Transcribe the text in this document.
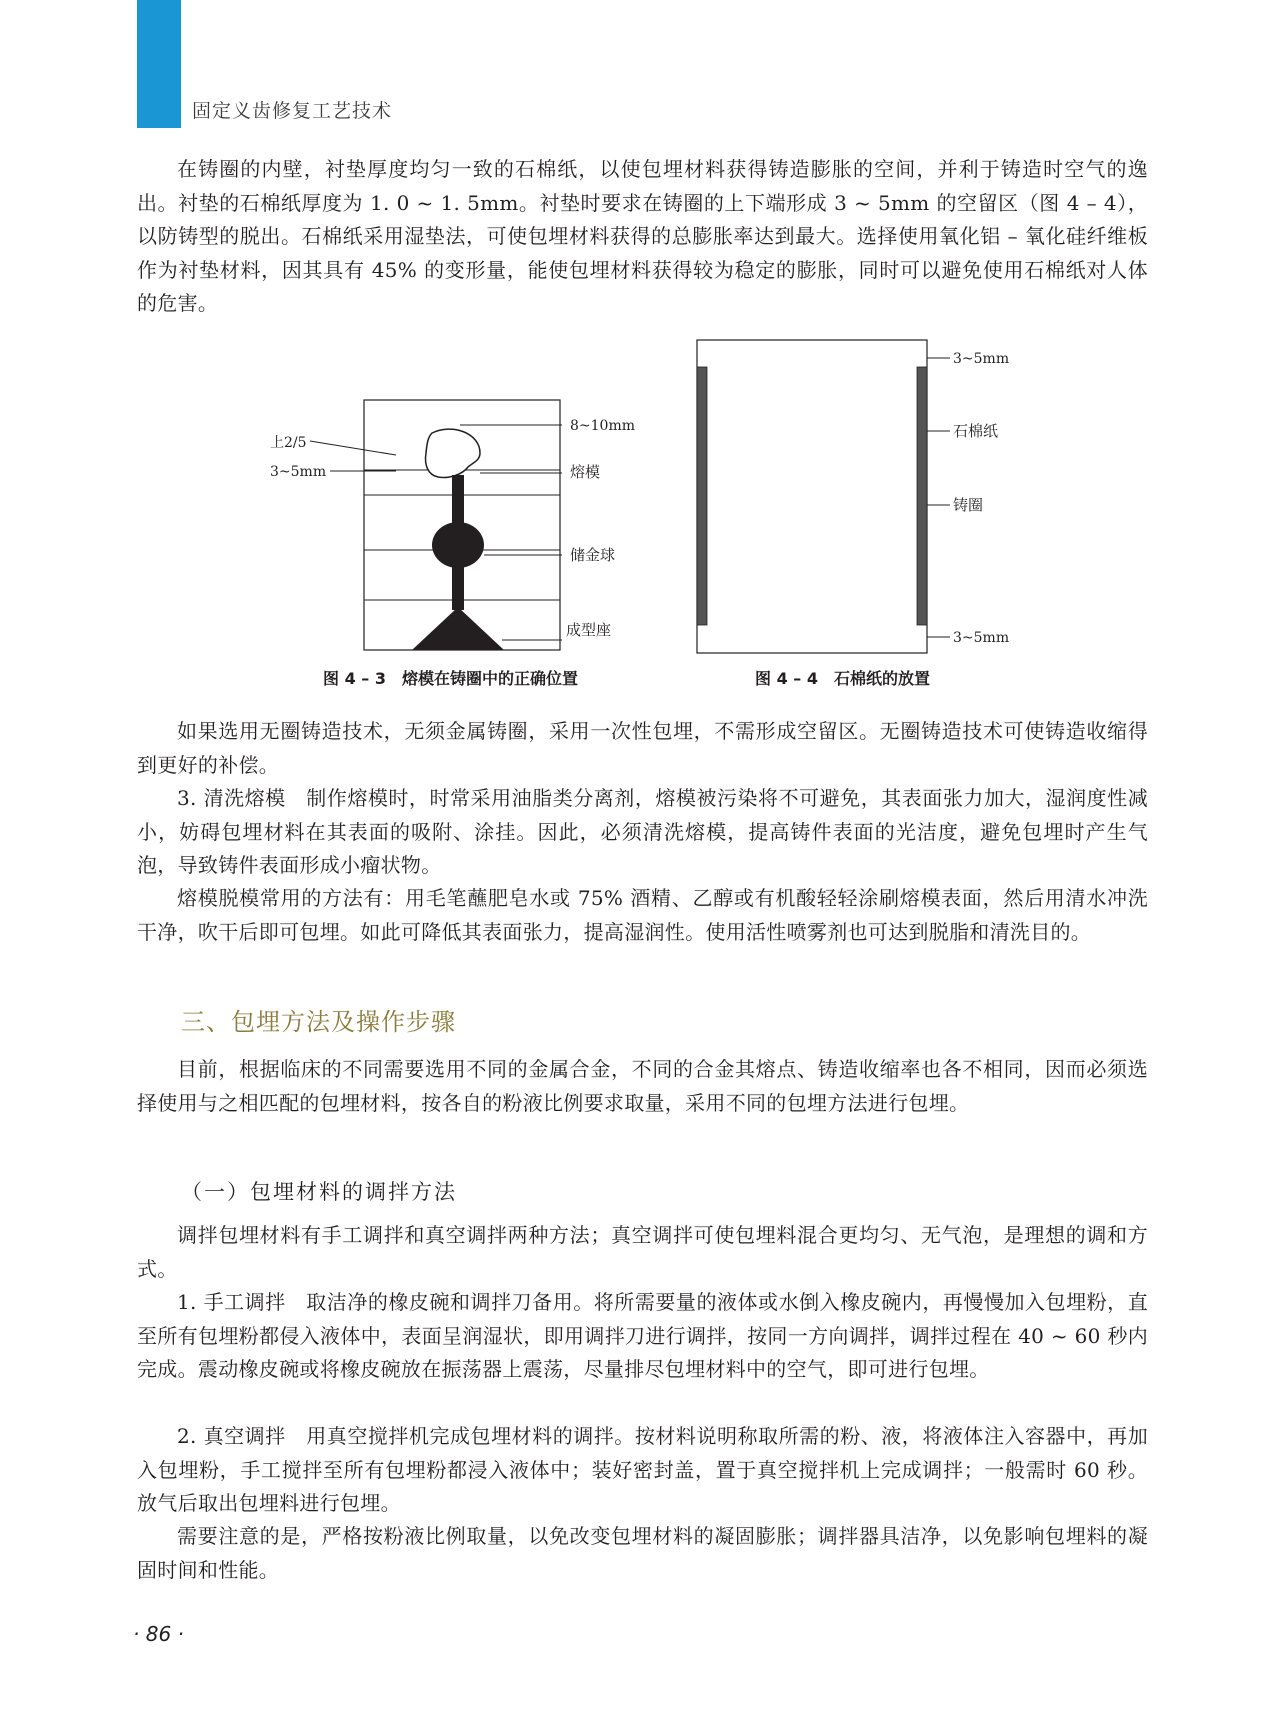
固定义齿修复工艺技术

在铸圈的内壁，衬垫厚度均匀一致的石棉纸，以使包埋材料获得铸造膨胀的空间，并利于铸造时空气的逸出。衬垫的石棉纸厚度为 1. 0 ~ 1. 5mm。衬垫时要求在铸圈的上下端形成 3 ~ 5mm 的空留区（图 4 – 4），以防铸型的脱出。石棉纸采用湿垫法，可使包埋材料获得的总膨胀率达到最大。选择使用氧化铝 – 氧化硅纤维板作为衬垫材料，因其具有 45% 的变形量，能使包埋材料获得较为稳定的膨胀，同时可以避免使用石棉纸对人体的危害。

8~10mm
上2/5
3~5mm	熔模
储金球
成型座
图 4 – 3　熔模在铸圈中的正确位置
3~5mm
石棉纸
铸圈
3~5mm
图 4 – 4　石棉纸的放置

如果选用无圈铸造技术，无须金属铸圈，采用一次性包埋，不需形成空留区。无圈铸造技术可使铸造收缩得到更好的补偿。

3. 清洗熔模　制作熔模时，时常采用油脂类分离剂，熔模被污染将不可避免，其表面张力加大，湿润度性减小，妨碍包埋材料在其表面的吸附、涂挂。因此，必须清洗熔模，提高铸件表面的光洁度，避免包埋时产生气泡，导致铸件表面形成小瘤状物。

熔模脱模常用的方法有：用毛笔蘸肥皂水或 75% 酒精、乙醇或有机酸轻轻涂刷熔模表面，然后用清水冲洗干净，吹干后即可包埋。如此可降低其表面张力，提高湿润性。使用活性喷雾剂也可达到脱脂和清洗目的。

三、包埋方法及操作步骤

目前，根据临床的不同需要选用不同的金属合金，不同的合金其熔点、铸造收缩率也各不相同，因而必须选择使用与之相匹配的包埋材料，按各自的粉液比例要求取量，采用不同的包埋方法进行包埋。

（一）包埋材料的调拌方法

调拌包埋材料有手工调拌和真空调拌两种方法；真空调拌可使包埋料混合更均匀、无气泡，是理想的调和方式。

1. 手工调拌　取洁净的橡皮碗和调拌刀备用。将所需要量的液体或水倒入橡皮碗内，再慢慢加入包埋粉，直至所有包埋粉都侵入液体中，表面呈润湿状，即用调拌刀进行调拌，按同一方向调拌，调拌过程在 40 ~ 60 秒内完成。震动橡皮碗或将橡皮碗放在振荡器上震荡，尽量排尽包埋材料中的空气，即可进行包埋。

2. 真空调拌　用真空搅拌机完成包埋材料的调拌。按材料说明称取所需的粉、液，将液体注入容器中，再加入包埋粉，手工搅拌至所有包埋粉都浸入液体中；装好密封盖，置于真空搅拌机上完成调拌；一般需时 60 秒。放气后取出包埋料进行包埋。

需要注意的是，严格按粉液比例取量，以免改变包埋材料的凝固膨胀；调拌器具洁净，以免影响包埋料的凝固时间和性能。

· 86 ·
